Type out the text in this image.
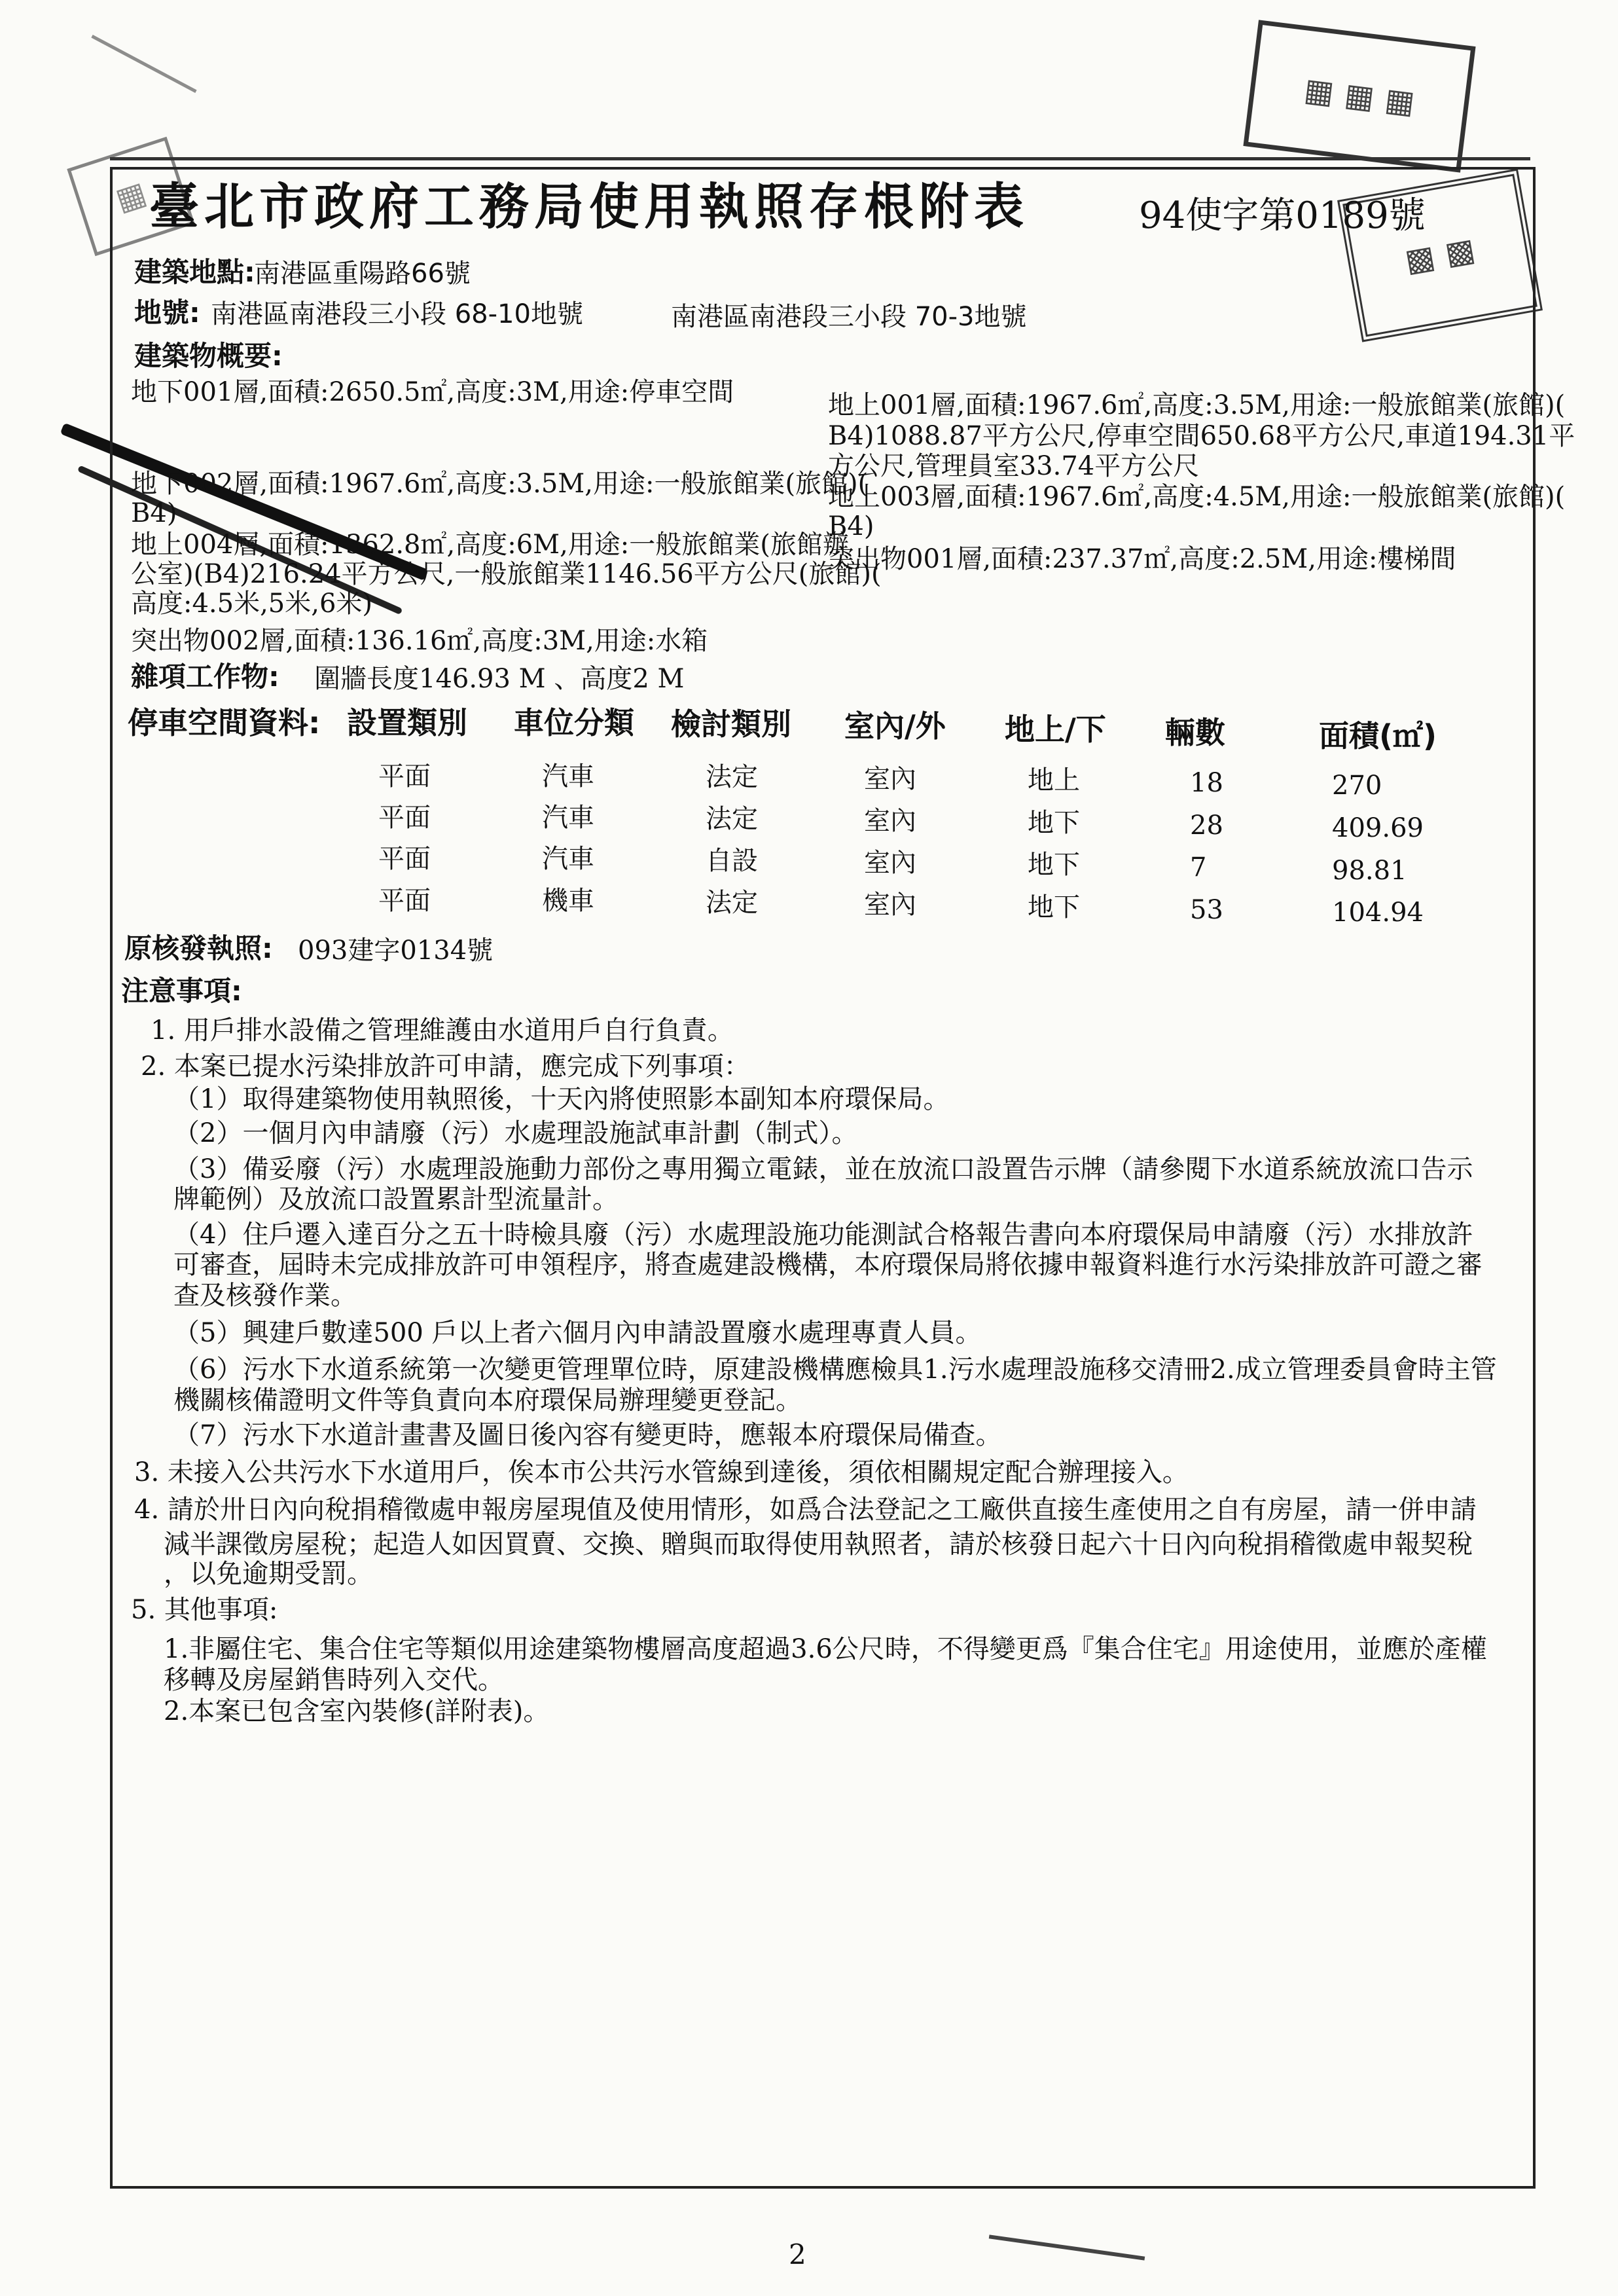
▦ ▦ ▦
▩ ▩
▦
臺北市政府工務局使用執照存根附表	94使字第0189號
建築地點:
南港區重陽路66號
地號: 南港區南港段三小段 68-10地號	南港區南港段三小段 70-3地號
建築物概要:
地下001層,面積:2650.5㎡,高度:3M,用途:停車空間
地下002層,面積:1967.6㎡,高度:3.5M,用途:一般旅館業(旅館)(
B4)
地上004層,面積:1362.8㎡,高度:6M,用途:一般旅館業(旅館辦
公室)(B4)216.24平方公尺,一般旅館業1146.56平方公尺(旅館)(
高度:4.5米,5米,6米)
突出物002層,面積:136.16㎡,高度:3M,用途:水箱
地上001層,面積:1967.6㎡,高度:3.5M,用途:一般旅館業(旅館)(
B4)1088.87平方公尺,停車空間650.68平方公尺,車道194.31平
方公尺,管理員室33.74平方公尺
地上003層,面積:1967.6㎡,高度:4.5M,用途:一般旅館業(旅館)(
B4)
突出物001層,面積:237.37㎡,高度:2.5M,用途:樓梯間
雜項工作物: 圍牆長度146.93 M 、高度2 M
停車空間資料: 設置類別 車位分類 檢討類別 室內/外 地上/下 輛數	面積(㎡)
平面	汽車	法定	室內	地上	18	270
平面	汽車	法定	室內	地下	28	409.69
平面	汽車	自設	室內	地下	7	98.81
平面	機車	法定	室內	地下	53	104.94
原核發執照: 093建字0134號
注意事項:
1. 用戶排水設備之管理維護由水道用戶自行負責。
2. 本案已提水污染排放許可申請，應完成下列事項：
（1）取得建築物使用執照後，十天內將使照影本副知本府環保局。
（2）一個月內申請廢（污）水處理設施試車計劃（制式）。
（3）備妥廢（污）水處理設施動力部份之專用獨立電錶，並在放流口設置告示牌（請參閱下水道系統放流口告示
牌範例）及放流口設置累計型流量計。
（4）住戶遷入達百分之五十時檢具廢（污）水處理設施功能測試合格報告書向本府環保局申請廢（污）水排放許
可審查，屆時未完成排放許可申領程序，將查處建設機構，本府環保局將依據申報資料進行水污染排放許可證之審
查及核發作業。
（5）興建戶數達500 戶以上者六個月內申請設置廢水處理專責人員。
（6）污水下水道系統第一次變更管理單位時，原建設機構應檢具1.污水處理設施移交清冊2.成立管理委員會時主管
機關核備證明文件等負責向本府環保局辦理變更登記。
（7）污水下水道計畫書及圖日後內容有變更時，應報本府環保局備查。
3. 未接入公共污水下水道用戶，俟本市公共污水管線到達後，須依相關規定配合辦理接入。
4. 請於卅日內向稅捐稽徵處申報房屋現值及使用情形，如爲合法登記之工廠供直接生產使用之自有房屋，請一併申請
減半課徵房屋稅；起造人如因買賣、交換、贈與而取得使用執照者，請於核發日起六十日內向稅捐稽徵處申報契稅
，以免逾期受罰。
5. 其他事項:
1.非屬住宅、集合住宅等類似用途建築物樓層高度超過3.6公尺時，不得變更爲『集合住宅』用途使用，並應於產權
移轉及房屋銷售時列入交代。
2.本案已包含室內裝修(詳附表)。
2
